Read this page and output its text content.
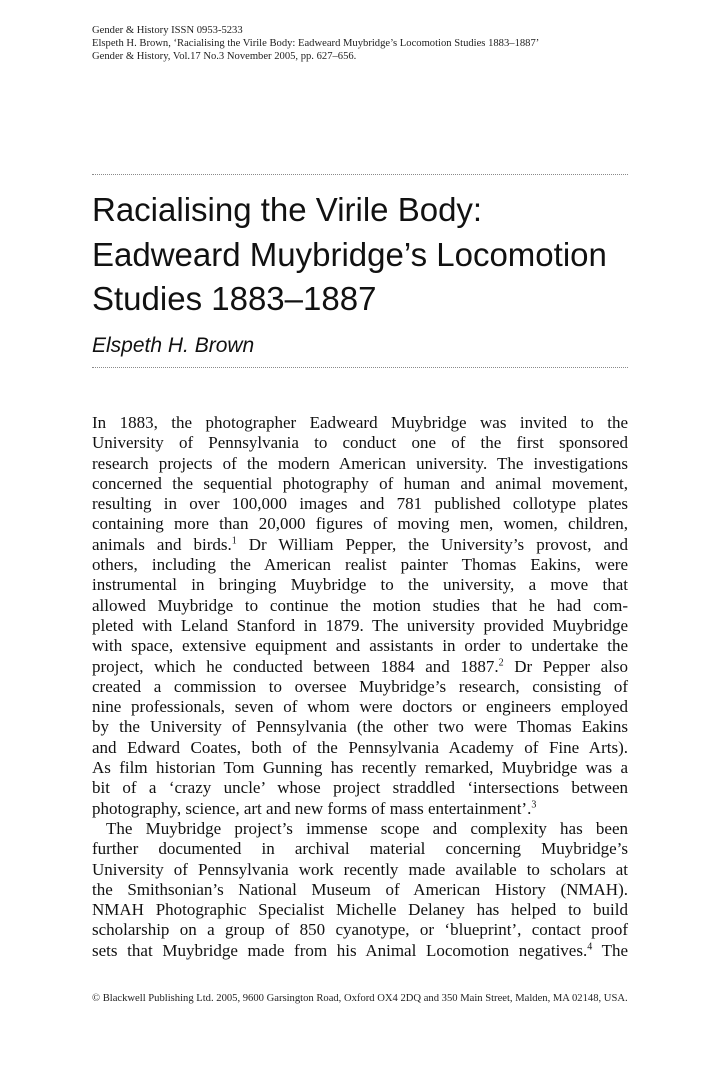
Gender & History ISSN 0953-5233
Elspeth H. Brown, ‘Racialising the Virile Body: Eadweard Muybridge’s Locomotion Studies 1883–1887’
Gender & History, Vol.17 No.3 November 2005, pp. 627–656.
Racialising the Virile Body:
Eadweard Muybridge’s Locomotion
Studies 1883–1887
Elspeth H. Brown
In 1883, the photographer Eadweard Muybridge was invited to the
University of Pennsylvania to conduct one of the first sponsored
research projects of the modern American university. The investigations
concerned the sequential photography of human and animal movement,
resulting in over 100,000 images and 781 published collotype plates
containing more than 20,000 figures of moving men, women, children,
animals and birds.$^1$ Dr William Pepper, the University’s provost, and
others, including the American realist painter Thomas Eakins, were
instrumental in bringing Muybridge to the university, a move that
allowed Muybridge to continue the motion studies that he had com-
pleted with Leland Stanford in 1879. The university provided Muybridge
with space, extensive equipment and assistants in order to undertake the
project, which he conducted between 1884 and 1887.$^2$ Dr Pepper also
created a commission to oversee Muybridge’s research, consisting of
nine professionals, seven of whom were doctors or engineers employed
by the University of Pennsylvania (the other two were Thomas Eakins
and Edward Coates, both of the Pennsylvania Academy of Fine Arts).
As film historian Tom Gunning has recently remarked, Muybridge was a
bit of a ‘crazy uncle’ whose project straddled ‘intersections between
photography, science, art and new forms of mass entertainment’.$^3$
The Muybridge project’s immense scope and complexity has been
further documented in archival material concerning Muybridge’s
University of Pennsylvania work recently made available to scholars at
the Smithsonian’s National Museum of American History (NMAH).
NMAH Photographic Specialist Michelle Delaney has helped to build
scholarship on a group of 850 cyanotype, or ‘blueprint’, contact proof
sets that Muybridge made from his Animal Locomotion negatives.$^4$ The
© Blackwell Publishing Ltd. 2005, 9600 Garsington Road, Oxford OX4 2DQ and 350 Main Street, Malden, MA 02148, USA.
